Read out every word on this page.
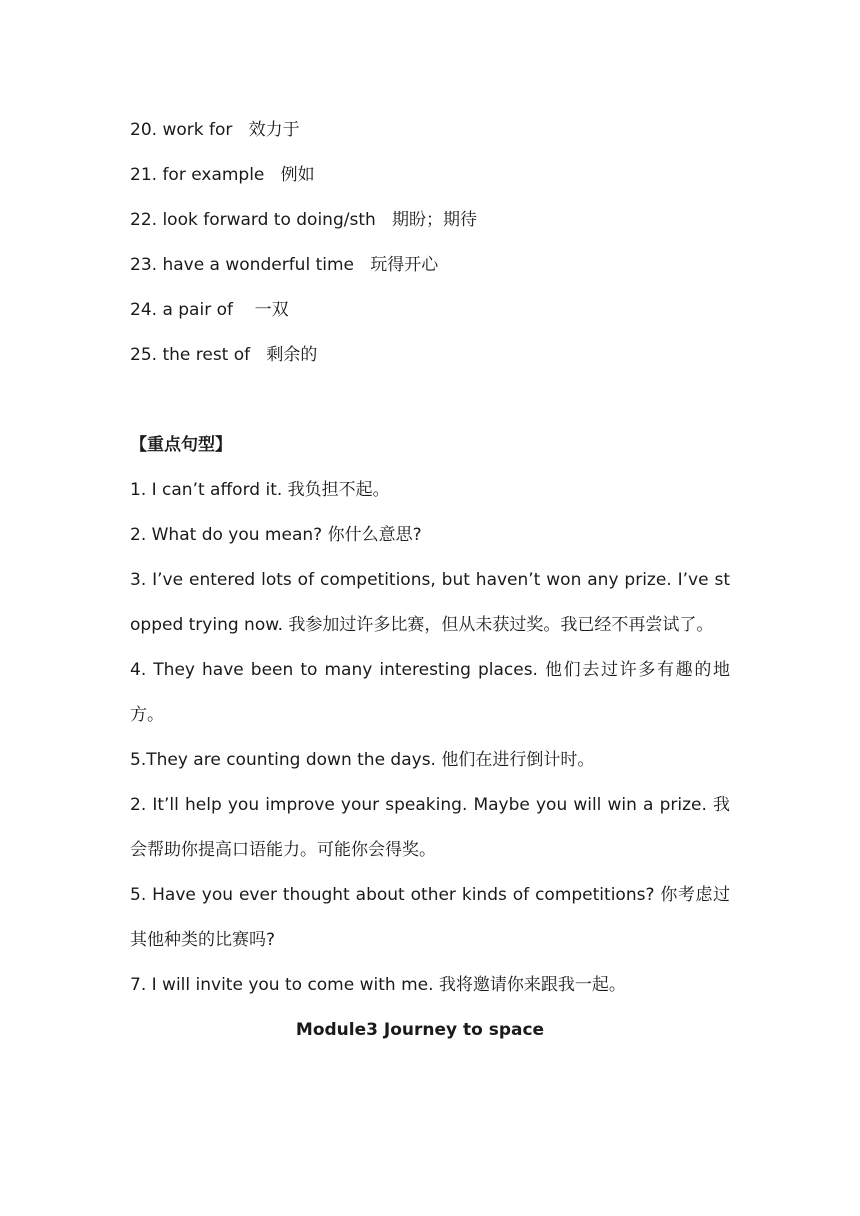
20. work for   效力于
21. for example   例如
22. look forward to doing/sth   期盼；期待
23. have a wonderful time   玩得开心
24. a pair of    一双
25. the rest of   剩余的
【重点句型】
1. I can’t afford it. 我负担不起。
2. What do you mean? 你什么意思?
3. I’ve entered lots of competitions, but haven’t won any prize. I’ve stopped trying now. 我参加过许多比赛，但从未获过奖。我已经不再尝试了。
4. They have been to many interesting places. 他们去过许多有趣的地方。
5.They are counting down the days. 他们在进行倒计时。
2. It’ll help you improve your speaking. Maybe you will win a prize. 我会帮助你提高口语能力。可能你会得奖。
5. Have you ever thought about other kinds of competitions? 你考虑过其他种类的比赛吗?
7. I will invite you to come with me. 我将邀请你来跟我一起。
Module3 Journey to space
